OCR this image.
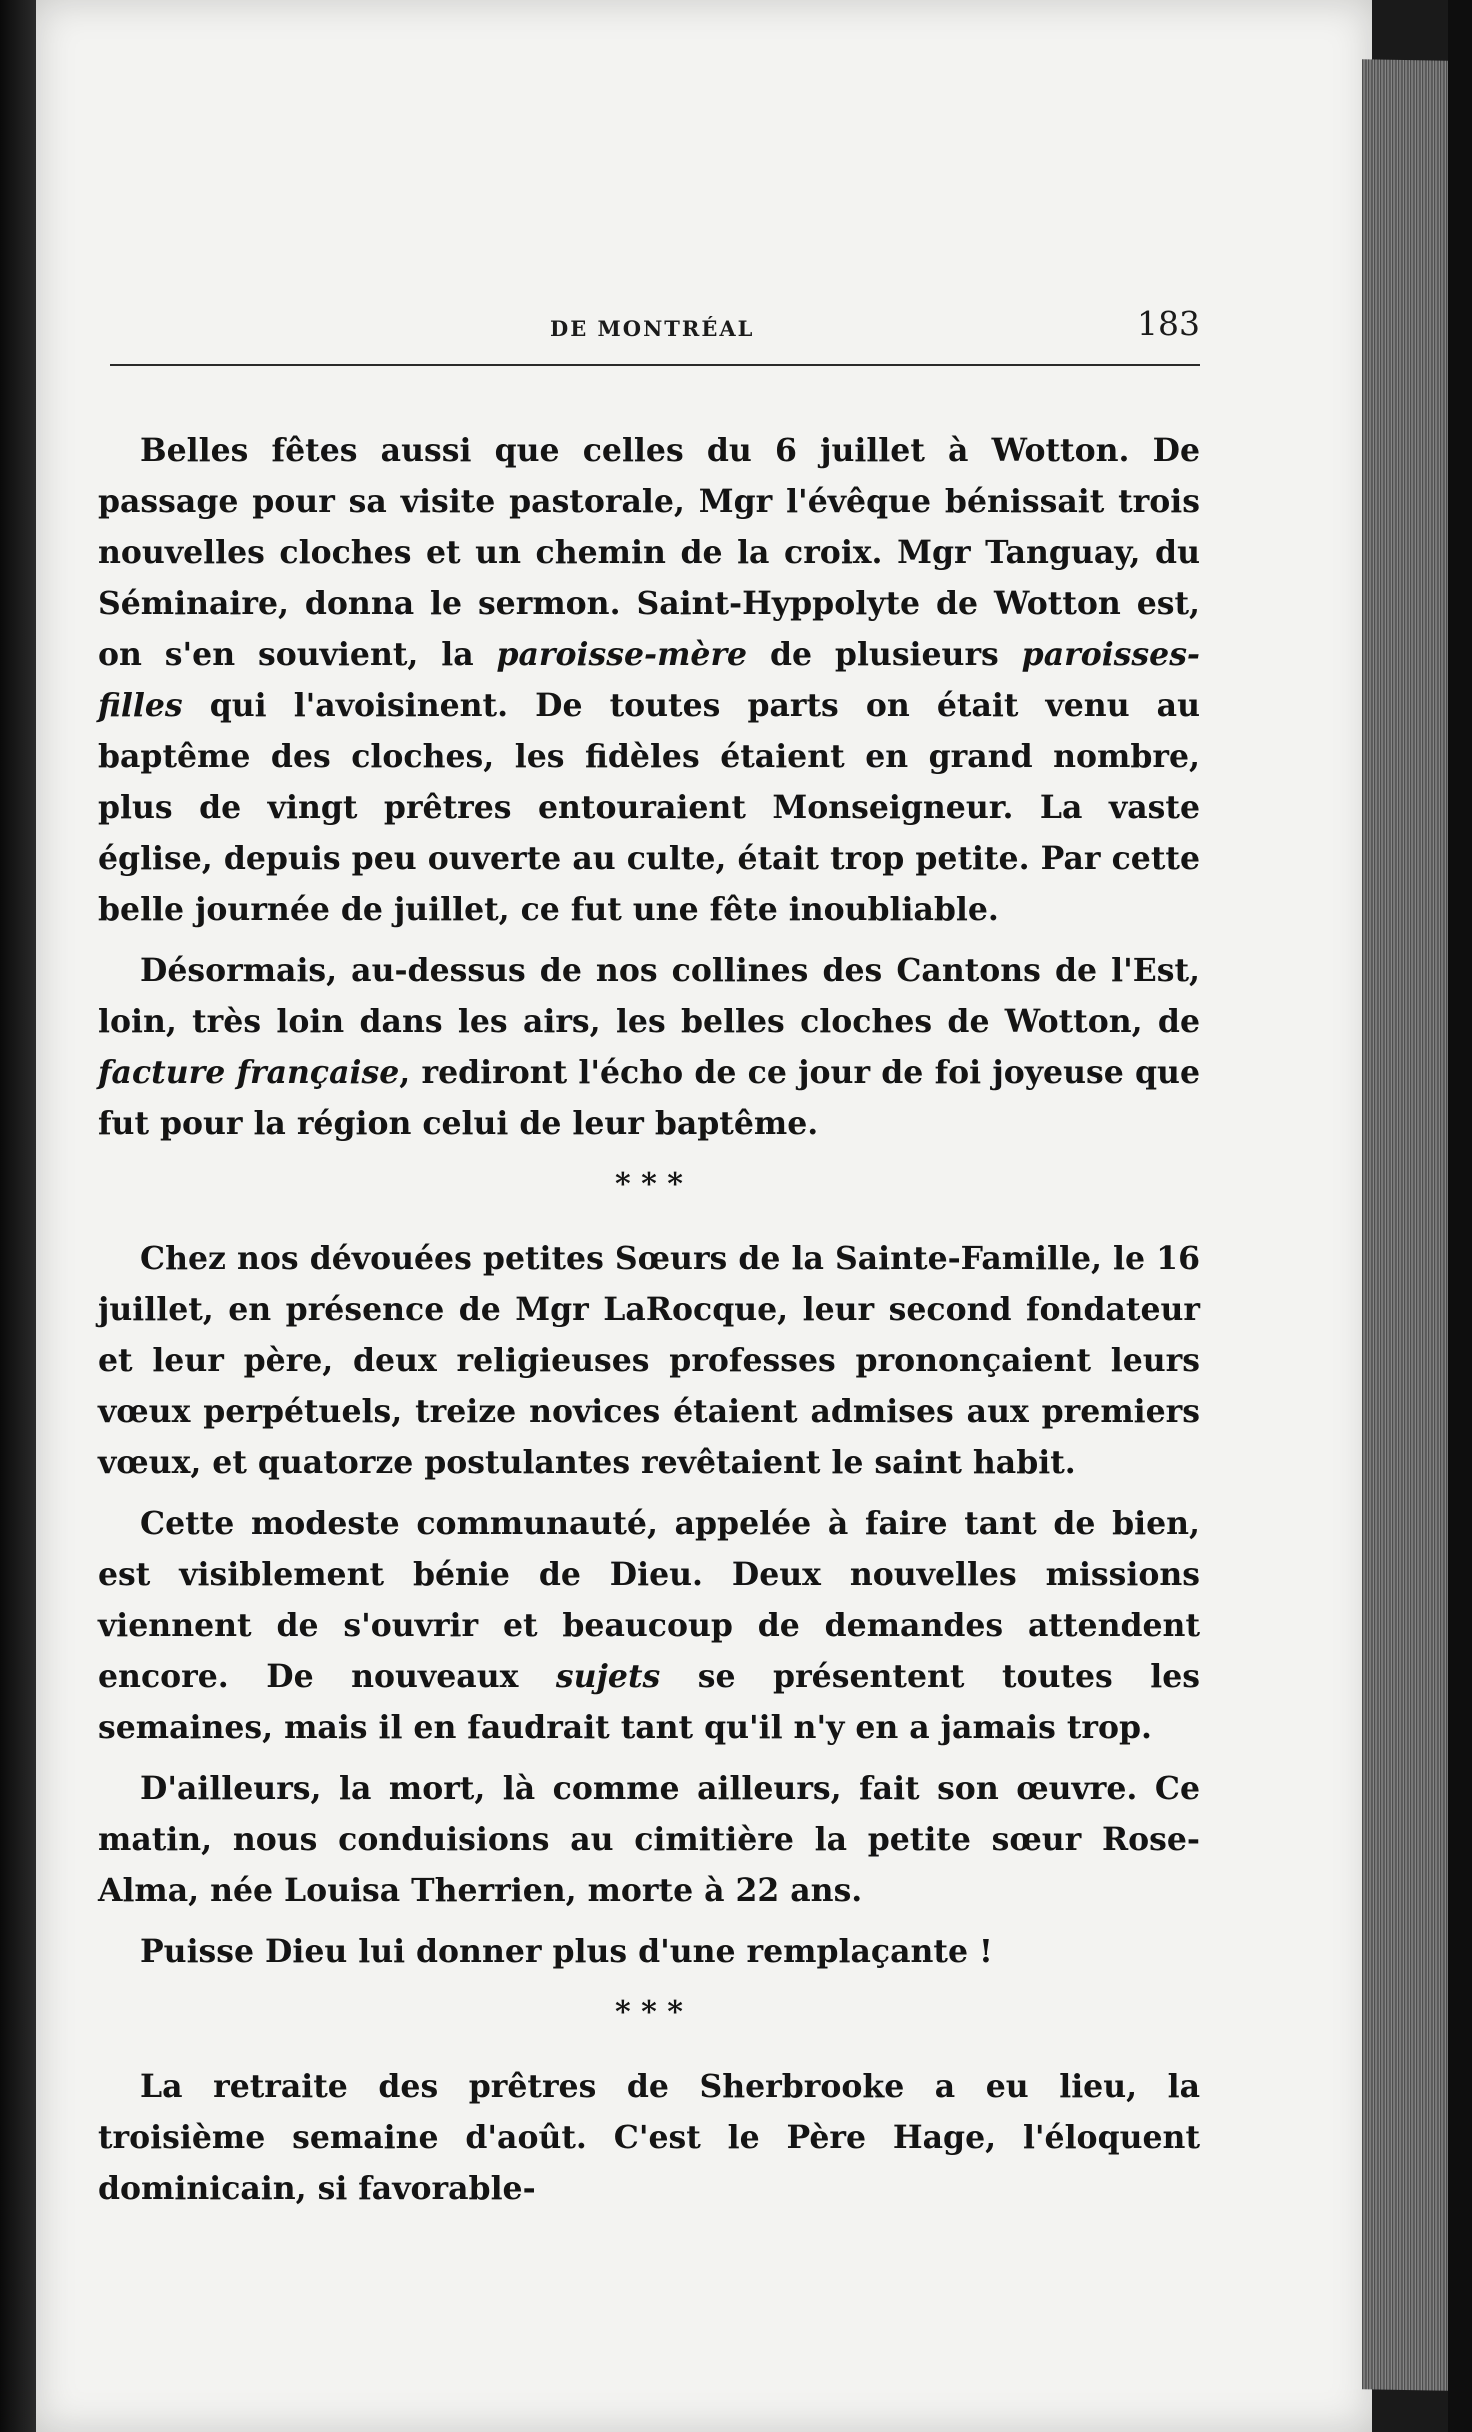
DE MONTRÉAL	183

Belles fêtes aussi que celles du 6 juillet à Wotton. De passage pour sa visite pastorale, Mgr l'évêque bénissait trois nouvelles cloches et un chemin de la croix. Mgr Tanguay, du Séminaire, donna le sermon. Saint-Hyppolyte de Wotton est, on s'en souvient, la paroisse-mère de plusieurs paroisses-filles qui l'avoisinent. De toutes parts on était venu au baptême des cloches, les fidèles étaient en grand nombre, plus de vingt prêtres entouraient Monseigneur. La vaste église, depuis peu ouverte au culte, était trop petite. Par cette belle journée de juillet, ce fut une fête inoubliable.

Désormais, au-dessus de nos collines des Cantons de l'Est, loin, très loin dans les airs, les belles cloches de Wotton, de facture française, rediront l'écho de ce jour de foi joyeuse que fut pour la région celui de leur baptême.

* * *

Chez nos dévouées petites Sœurs de la Sainte-Famille, le 16 juillet, en présence de Mgr LaRocque, leur second fondateur et leur père, deux religieuses professes prononçaient leurs vœux perpétuels, treize novices étaient admises aux premiers vœux, et quatorze postulantes revêtaient le saint habit.

Cette modeste communauté, appelée à faire tant de bien, est visiblement bénie de Dieu. Deux nouvelles missions viennent de s'ouvrir et beaucoup de demandes attendent encore. De nouveaux sujets se présentent toutes les semaines, mais il en faudrait tant qu'il n'y en a jamais trop.

D'ailleurs, la mort, là comme ailleurs, fait son œuvre. Ce matin, nous conduisions au cimitière la petite sœur Rose-Alma, née Louisa Therrien, morte à 22 ans.

Puisse Dieu lui donner plus d'une remplaçante !

* * *

La retraite des prêtres de Sherbrooke a eu lieu, la troisième semaine d'août. C'est le Père Hage, l'éloquent dominicain, si favorable-
